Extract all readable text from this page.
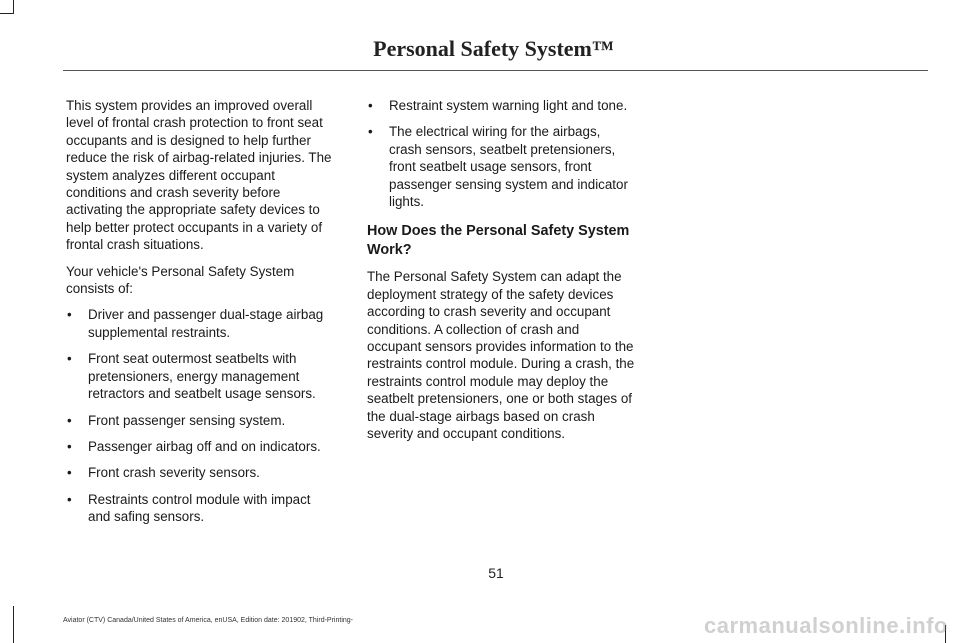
Personal Safety System™

This system provides an improved overall level of frontal crash protection to front seat occupants and is designed to help further reduce the risk of airbag-related injuries. The system analyzes different occupant conditions and crash severity before activating the appropriate safety devices to help better protect occupants in a variety of frontal crash situations.

Your vehicle's Personal Safety System consists of:

• Driver and passenger dual-stage airbag supplemental restraints.
• Front seat outermost seatbelts with pretensioners, energy management retractors and seatbelt usage sensors.
• Front passenger sensing system.
• Passenger airbag off and on indicators.
• Front crash severity sensors.
• Restraints control module with impact and safing sensors.
• Restraint system warning light and tone.
• The electrical wiring for the airbags, crash sensors, seatbelt pretensioners, front seatbelt usage sensors, front passenger sensing system and indicator lights.
How Does the Personal Safety System Work?

The Personal Safety System can adapt the deployment strategy of the safety devices according to crash severity and occupant conditions. A collection of crash and occupant sensors provides information to the restraints control module. During a crash, the restraints control module may deploy the seatbelt pretensioners, one or both stages of the dual-stage airbags based on crash severity and occupant conditions.

51
Aviator (CTV) Canada/United States of America, enUSA, Edition date: 201902, Third-Printing-	carmanualsonline.info
